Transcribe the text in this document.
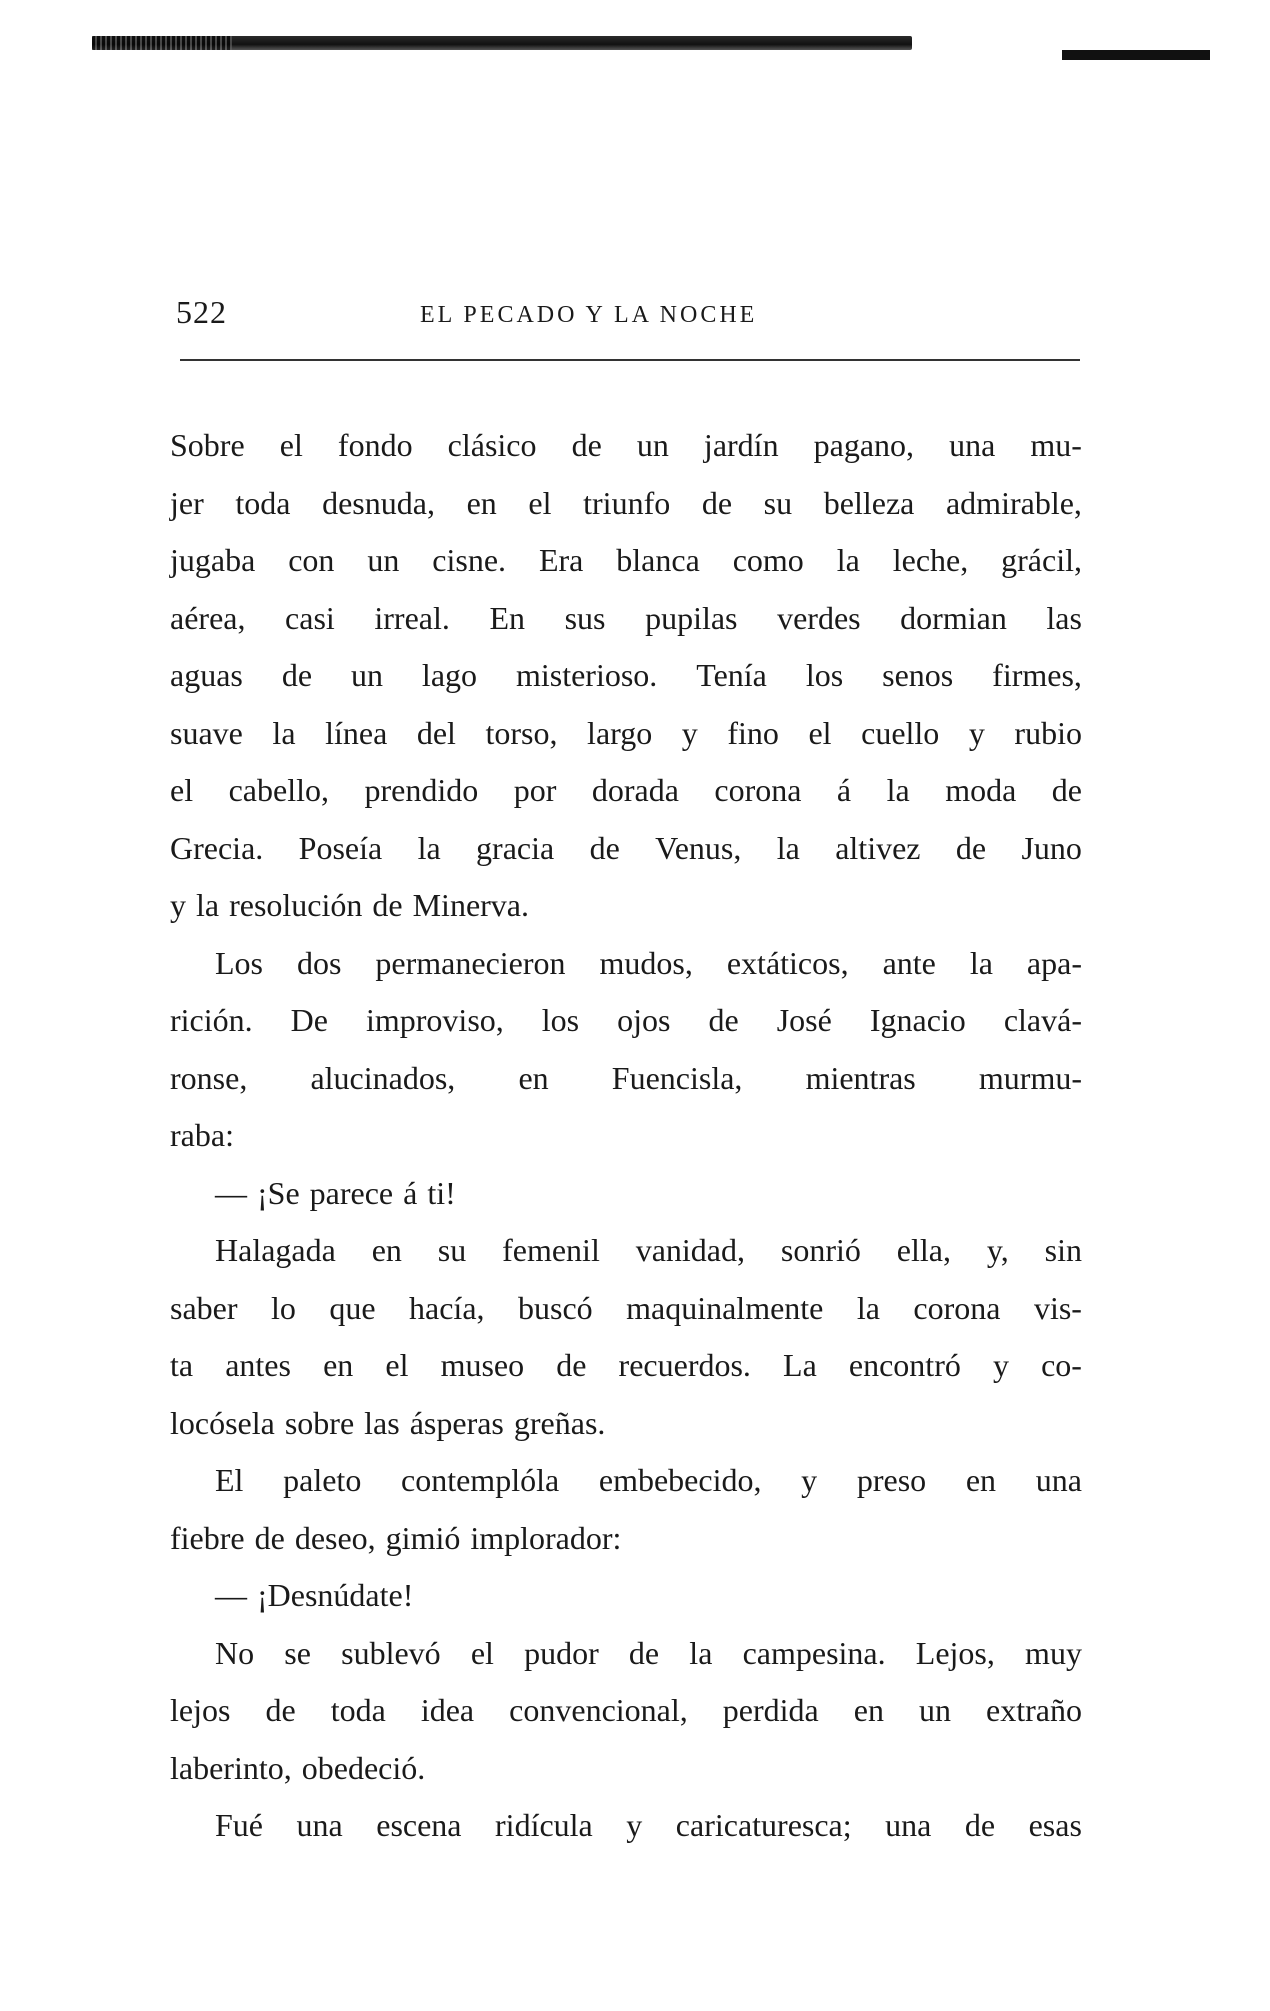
522	EL PECADO Y LA NOCHE
Sobre el fondo clásico de un jardín pagano, una mu-
jer toda desnuda, en el triunfo de su belleza admirable,
jugaba con un cisne. Era blanca como la leche, grácil,
aérea, casi irreal. En sus pupilas verdes dormian las
aguas de un lago misterioso. Tenía los senos firmes,
suave la línea del torso, largo y fino el cuello y rubio
el cabello, prendido por dorada corona á la moda de
Grecia. Poseía la gracia de Venus, la altivez de Juno
y la resolución de Minerva.
Los dos permanecieron mudos, extáticos, ante la apa-
rición. De improviso, los ojos de José Ignacio clavá-
ronse, alucinados, en Fuencisla, mientras murmu-
raba:
— ¡Se parece á ti!
Halagada en su femenil vanidad, sonrió ella, y, sin
saber lo que hacía, buscó maquinalmente la corona vis-
ta antes en el museo de recuerdos. La encontró y co-
locósela sobre las ásperas greñas.
El paleto contemplóla embebecido, y preso en una
fiebre de deseo, gimió implorador:
— ¡Desnúdate!
No se sublevó el pudor de la campesina. Lejos, muy
lejos de toda idea convencional, perdida en un extraño
laberinto, obedeció.
Fué una escena ridícula y caricaturesca; una de esas
